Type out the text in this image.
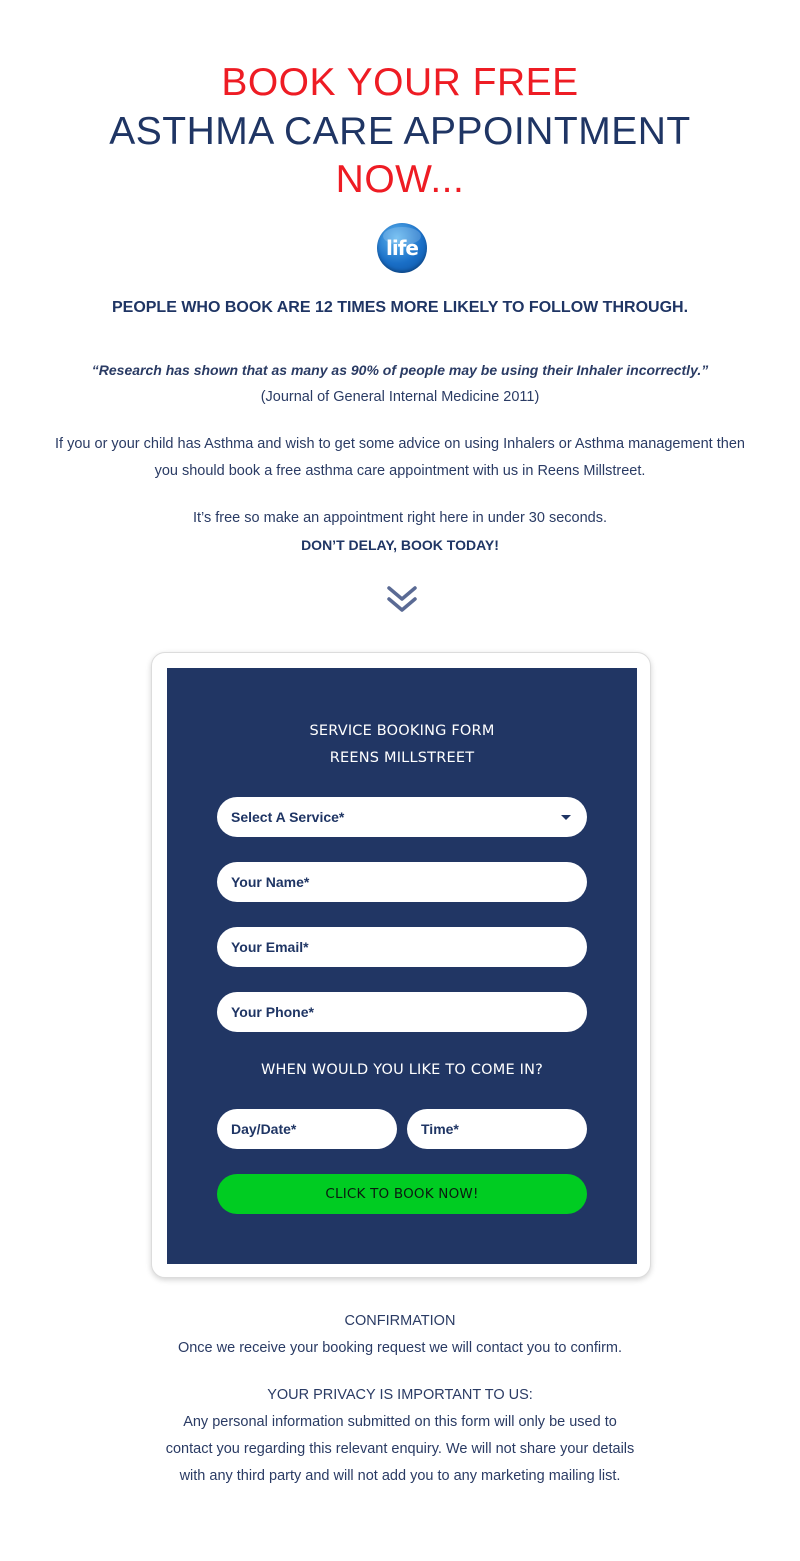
BOOK YOUR FREE
ASTHMA CARE APPOINTMENT
NOW...
life
PEOPLE WHO BOOK ARE 12 TIMES MORE LIKELY TO FOLLOW THROUGH.
“Research has shown that as many as 90% of people may be using their Inhaler incorrectly.”
(Journal of General Internal Medicine 2011)
If you or your child has Asthma and wish to get some advice on using Inhalers or Asthma management then
you should book a free asthma care appointment with us in Reens Millstreet.
It’s free so make an appointment right here in under 30 seconds.
DON’T DELAY, BOOK TODAY!
SERVICE BOOKING FORM
REENS MILLSTREET
Select A Service*
Your Name*
Your Email*
Your Phone*
WHEN WOULD YOU LIKE TO COME IN?
Day/Date*	Time*
CLICK TO BOOK NOW!
CONFIRMATION
Once we receive your booking request we will contact you to confirm.
YOUR PRIVACY IS IMPORTANT TO US:
Any personal information submitted on this form will only be used to
contact you regarding this relevant enquiry. We will not share your details
with any third party and will not add you to any marketing mailing list.
